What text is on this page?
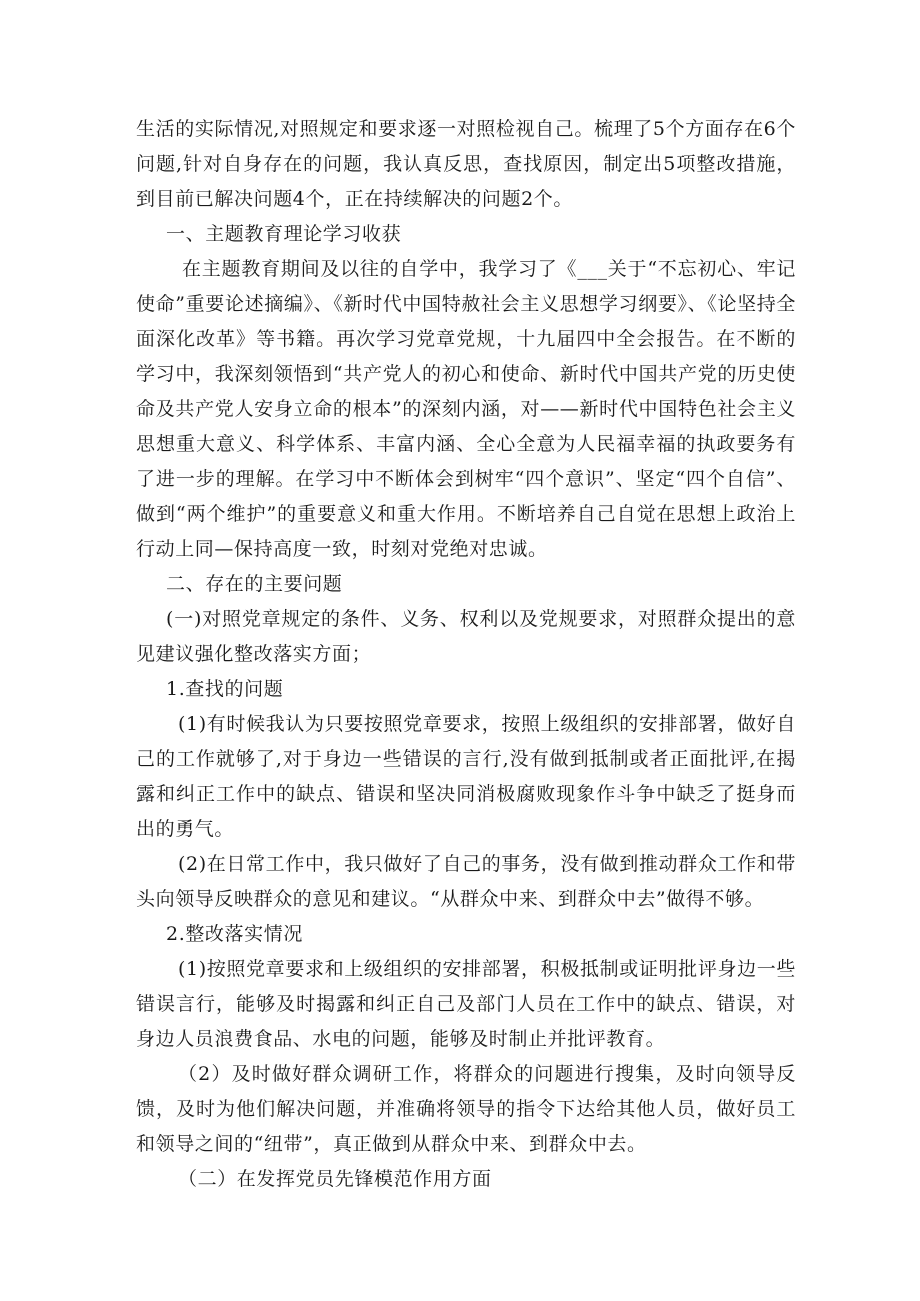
生活的实际情况,对照规定和要求逐一对照检视自己。梳理了5个方面存在6个问题,针对自身存在的问题，我认真反思，查找原因，制定出5项整改措施，到目前已解决问题4个，正在持续解决的问题2个。

一、主题教育理论学习收获

在主题教育期间及以往的自学中，我学习了《___关于“不忘初心、牢记使命”重要论述摘编》、《新时代中国特赦社会主义思想学习纲要》、《论坚持全面深化改革》等书籍。再次学习党章党规，十九届四中全会报告。在不断的学习中，我深刻领悟到“共产党人的初心和使命、新时代中国共产党的历史使命及共产党人安身立命的根本”的深刻内涵，对——新时代中国特色社会主义思想重大意义、科学体系、丰富内涵、全心全意为人民福幸福的执政要务有了进一步的理解。在学习中不断体会到树牢“四个意识”、坚定“四个自信”、做到“两个维护”的重要意义和重大作用。不断培养自己自觉在思想上政治上行动上同—保持高度一致，时刻对党绝对忠诚。

二、存在的主要问题

(一)对照党章规定的条件、义务、权利以及党规要求，对照群众提出的意见建议强化整改落实方面；

1.查找的问题

(1)有时候我认为只要按照党章要求，按照上级组织的安排部署，做好自己的工作就够了,对于身边一些错误的言行,没有做到抵制或者正面批评,在揭露和纠正工作中的缺点、错误和坚决同消极腐败现象作斗争中缺乏了挺身而出的勇气。

(2)在日常工作中，我只做好了自己的事务，没有做到推动群众工作和带头向领导反映群众的意见和建议。“从群众中来、到群众中去”做得不够。

2.整改落实情况

(1)按照党章要求和上级组织的安排部署，积极抵制或证明批评身边一些错误言行，能够及时揭露和纠正自己及部门人员在工作中的缺点、错误，对身边人员浪费食品、水电的问题，能够及时制止并批评教育。

（2）及时做好群众调研工作，将群众的问题进行搜集，及时向领导反馈，及时为他们解决问题，并准确将领导的指令下达给其他人员，做好员工和领导之间的“纽带”，真正做到从群众中来、到群众中去。

（二）在发挥党员先锋模范作用方面
